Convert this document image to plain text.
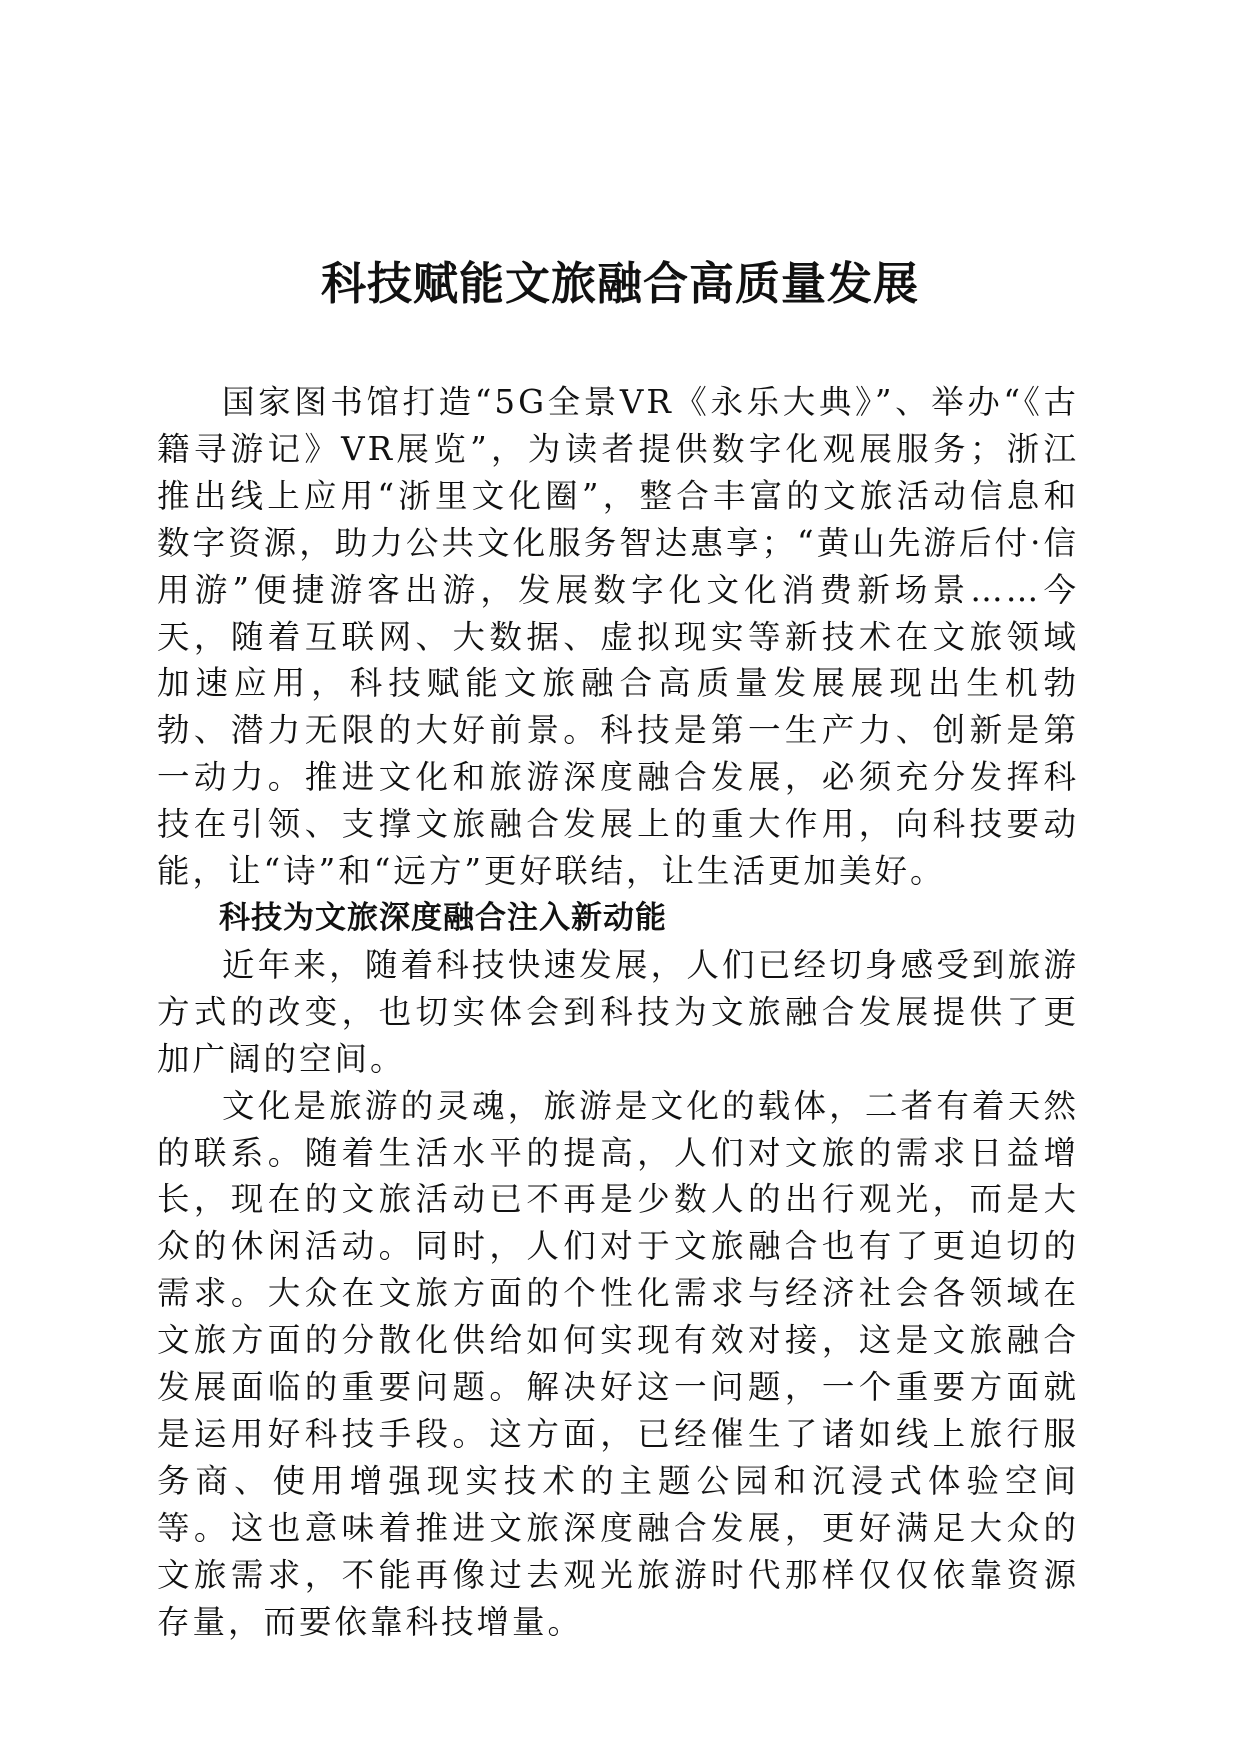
科技赋能文旅融合高质量发展

国家图书馆打造“5G全景VR《永乐大典》”、举办“《古籍寻游记》VR展览”，为读者提供数字化观展服务；浙江推出线上应用“浙里文化圈”，整合丰富的文旅活动信息和数字资源，助力公共文化服务智达惠享；“黄山先游后付·信用游”便捷游客出游，发展数字化文化消费新场景……今天，随着互联网、大数据、虚拟现实等新技术在文旅领域加速应用，科技赋能文旅融合高质量发展展现出生机勃勃、潜力无限的大好前景。科技是第一生产力、创新是第一动力。推进文化和旅游深度融合发展，必须充分发挥科技在引领、支撑文旅融合发展上的重大作用，向科技要动能，让“诗”和“远方”更好联结，让生活更加美好。

科技为文旅深度融合注入新动能

近年来，随着科技快速发展，人们已经切身感受到旅游方式的改变，也切实体会到科技为文旅融合发展提供了更加广阔的空间。

文化是旅游的灵魂，旅游是文化的载体，二者有着天然的联系。随着生活水平的提高，人们对文旅的需求日益增长，现在的文旅活动已不再是少数人的出行观光，而是大众的休闲活动。同时，人们对于文旅融合也有了更迫切的需求。大众在文旅方面的个性化需求与经济社会各领域在文旅方面的分散化供给如何实现有效对接，这是文旅融合发展面临的重要问题。解决好这一问题，一个重要方面就是运用好科技手段。这方面，已经催生了诸如线上旅行服务商、使用增强现实技术的主题公园和沉浸式体验空间等。这也意味着推进文旅深度融合发展，更好满足大众的文旅需求，不能再像过去观光旅游时代那样仅仅依靠资源存量，而要依靠科技增量。
